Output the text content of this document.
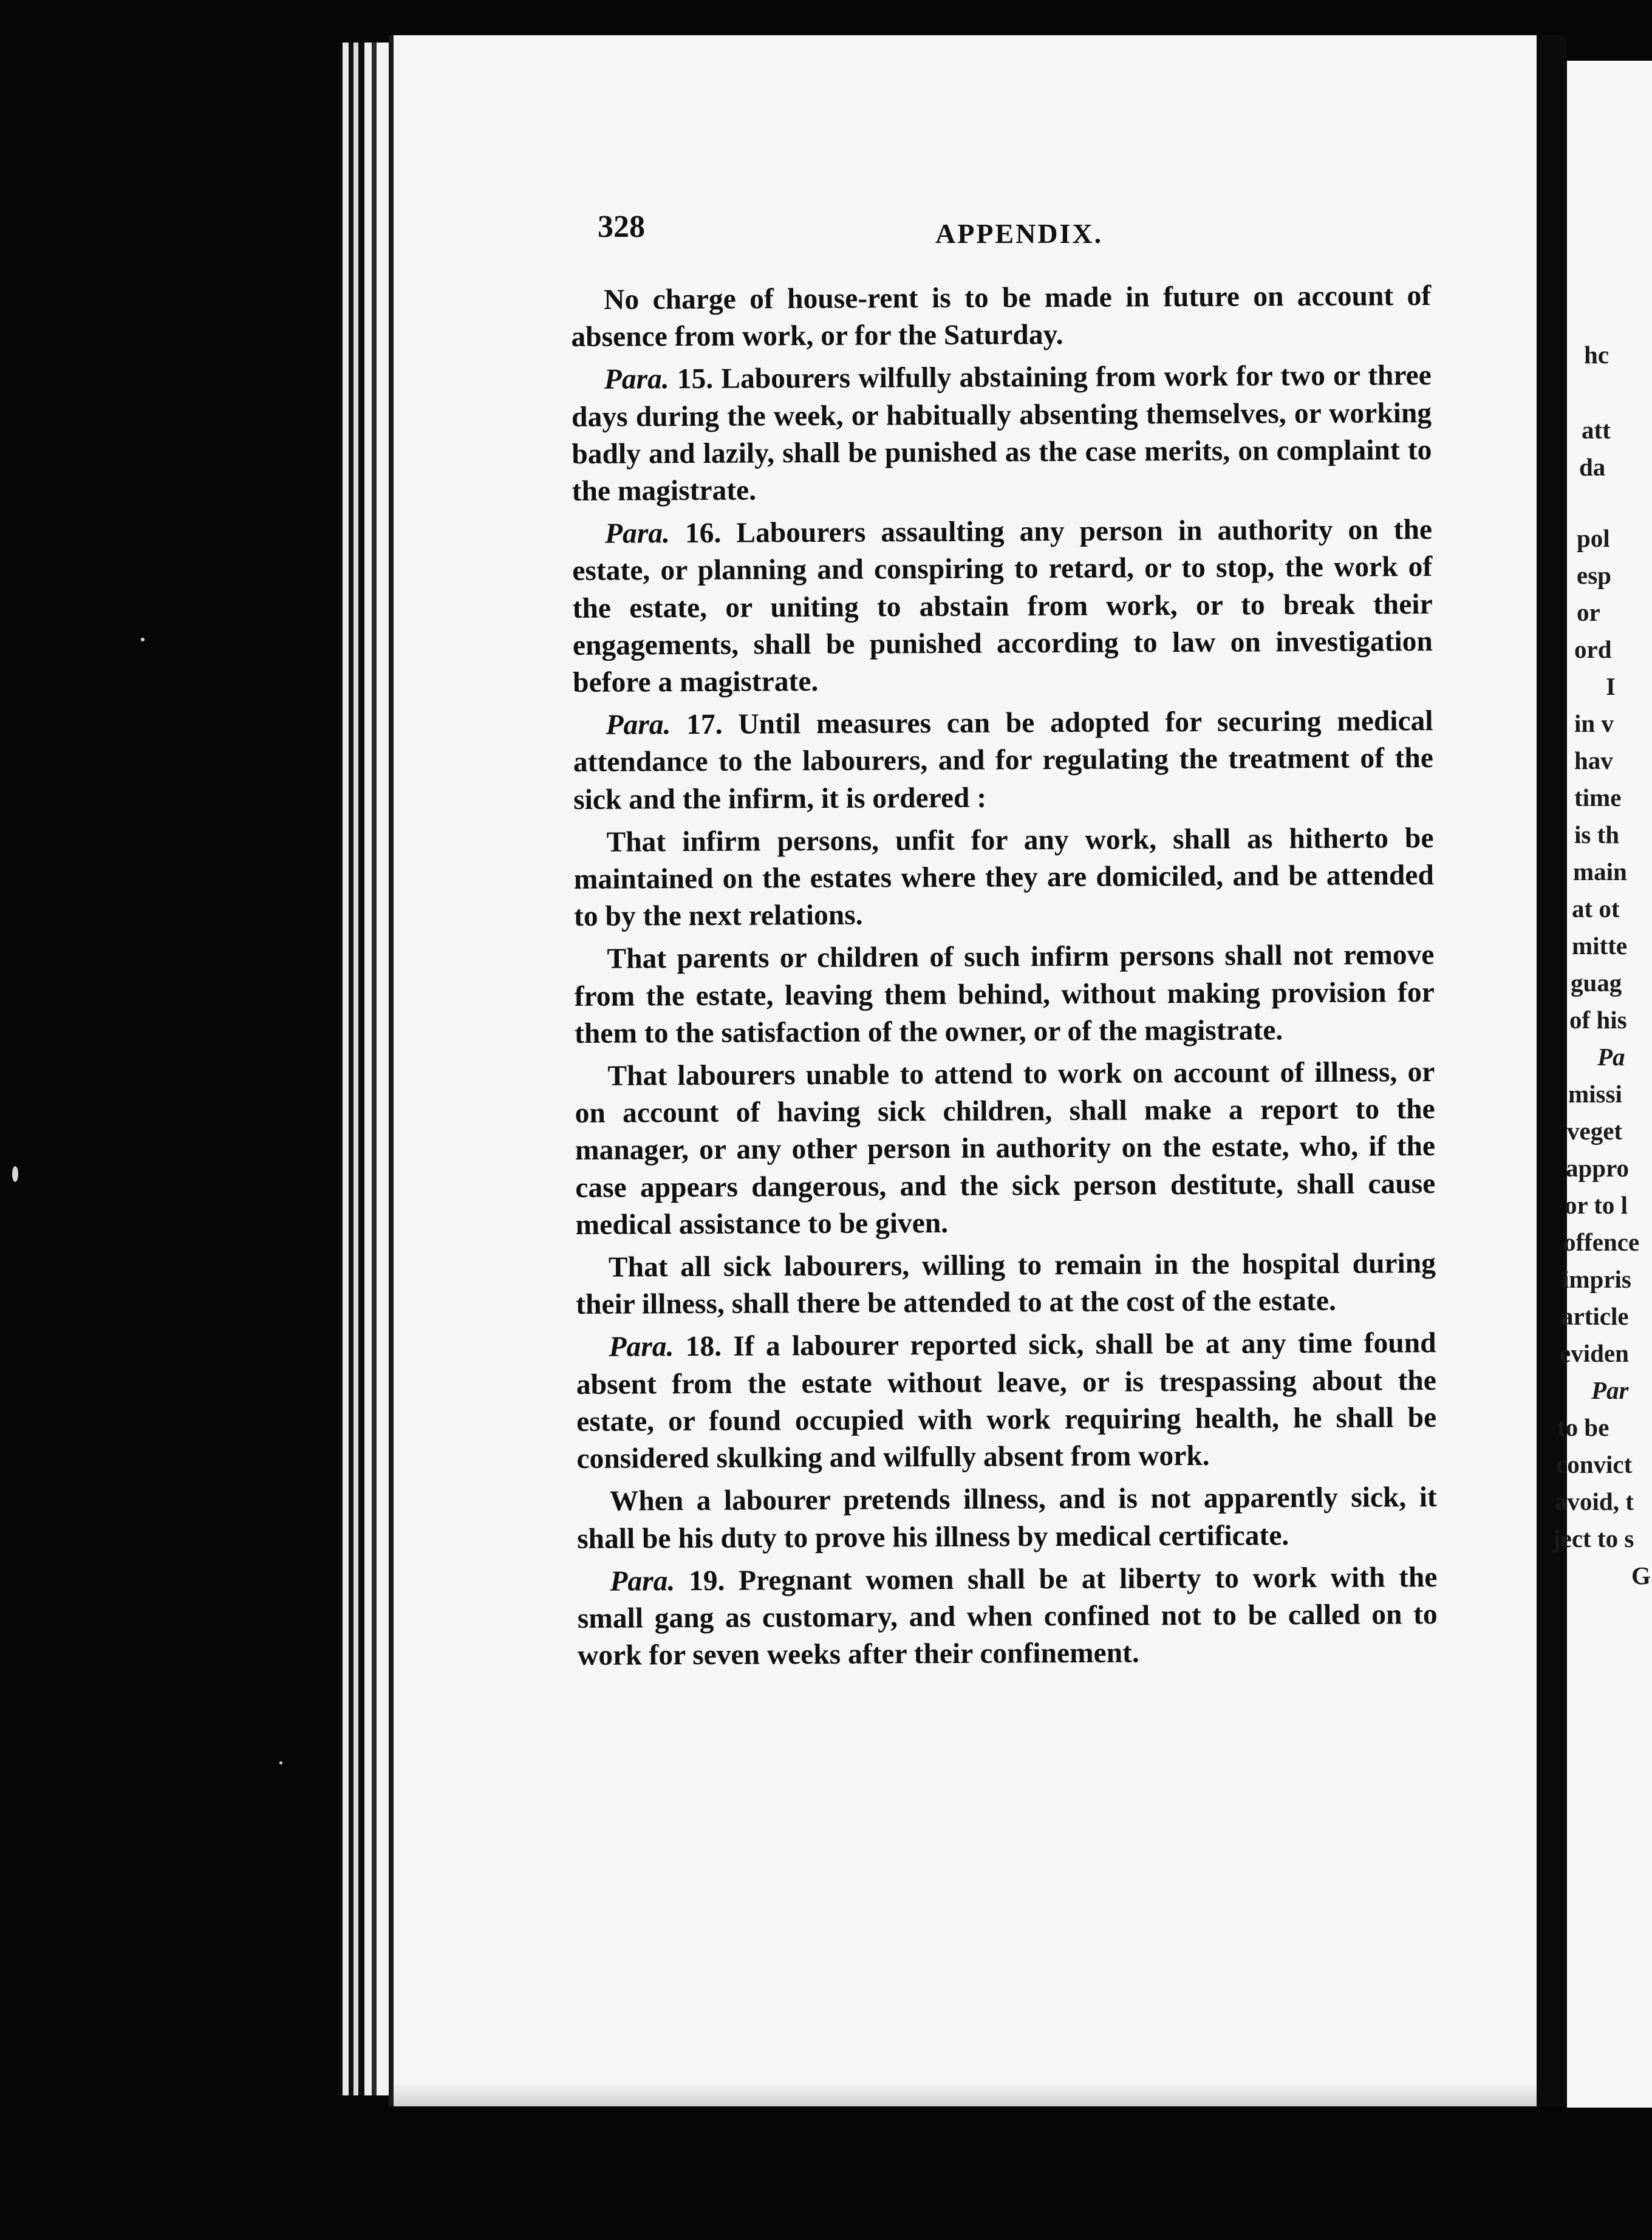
hc
att
da
pol
esp
or
ord
I
in v
hav
time
is th
main
at ot
mitte
guag
of his
Pa
missi
veget
appro
or to l
offence
impris
article
eviden
Par
to be
convict
avoid, t
ject to s
G
328	APPENDIX.

No charge of house-rent is to be made in future on account of absence from work, or for the Saturday.

Para. 15. Labourers wilfully abstaining from work for two or three days during the week, or habitually absenting themselves, or working badly and lazily, shall be punished as the case merits, on complaint to the magistrate.

Para. 16. Labourers assaulting any person in authority on the estate, or planning and conspiring to retard, or to stop, the work of the estate, or uniting to abstain from work, or to break their engagements, shall be punished according to law on investigation before a magistrate.

Para. 17. Until measures can be adopted for securing medical attendance to the labourers, and for regulating the treatment of the sick and the infirm, it is ordered :

That infirm persons, unfit for any work, shall as hitherto be maintained on the estates where they are domiciled, and be attended to by the next relations.

That parents or children of such infirm persons shall not remove from the estate, leaving them behind, without making provision for them to the satisfaction of the owner, or of the magistrate.

That labourers unable to attend to work on account of illness, or on account of having sick children, shall make a report to the manager, or any other person in authority on the estate, who, if the case appears dangerous, and the sick person destitute, shall cause medical assistance to be given.

That all sick labourers, willing to remain in the hospital during their illness, shall there be attended to at the cost of the estate.

Para. 18. If a labourer reported sick, shall be at any time found absent from the estate without leave, or is trespassing about the estate, or found occupied with work requiring health, he shall be considered skulking and wilfully absent from work.

When a labourer pretends illness, and is not apparently sick, it shall be his duty to prove his illness by medical certificate.

Para. 19. Pregnant women shall be at liberty to work with the small gang as customary, and when confined not to be called on to work for seven weeks after their confinement.
